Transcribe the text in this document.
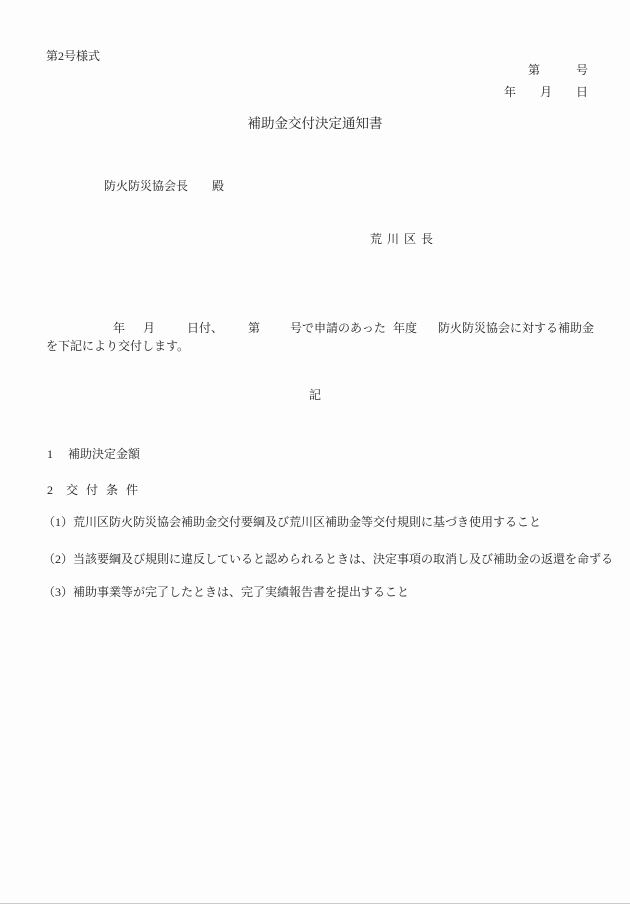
第2号様式
第　　　号
年　　月　　日
補助金交付決定通知書
防火防災協会長　　殿
荒川区長
年 月	日付、 第 号で申請のあった 年度 防火防災協会に対する補助金
を下記により交付します。
記
1 補助決定金額
2 交付条件
（1）荒川区防火防災協会補助金交付要綱及び荒川区補助金等交付規則に基づき使用すること
（2）当該要綱及び規則に違反していると認められるときは、決定事項の取消し及び補助金の返還を命ずる
（3）補助事業等が完了したときは、完了実績報告書を提出すること
